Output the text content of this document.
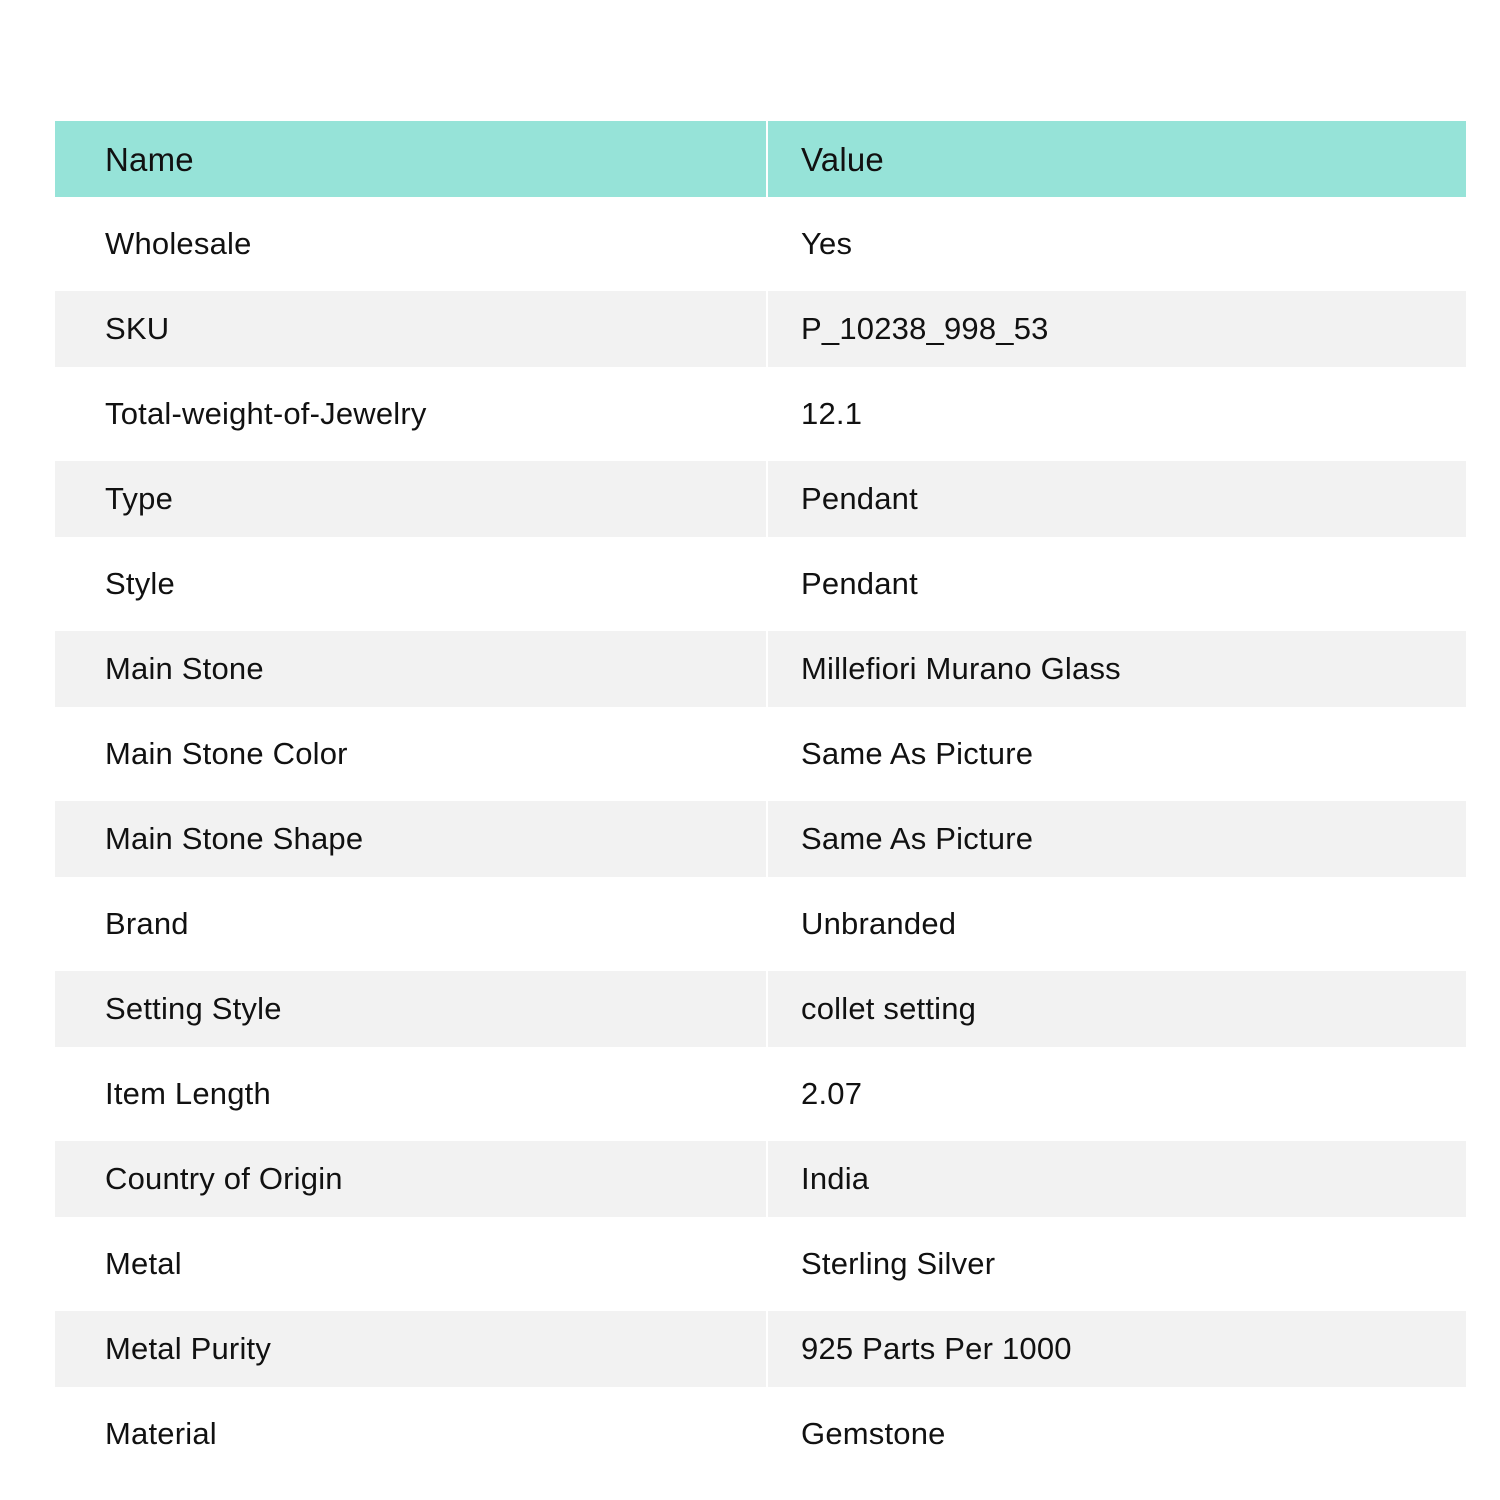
Name	Value
Wholesale	Yes
SKU	P_10238_998_53
Total-weight-of-Jewelry	12.1
Type	Pendant
Style	Pendant
Main Stone	Millefiori Murano Glass
Main Stone Color	Same As Picture
Main Stone Shape	Same As Picture
Brand	Unbranded
Setting Style	collet setting
Item Length	2.07
Country of Origin	India
Metal	Sterling Silver
Metal Purity	925 Parts Per 1000
Material	Gemstone
